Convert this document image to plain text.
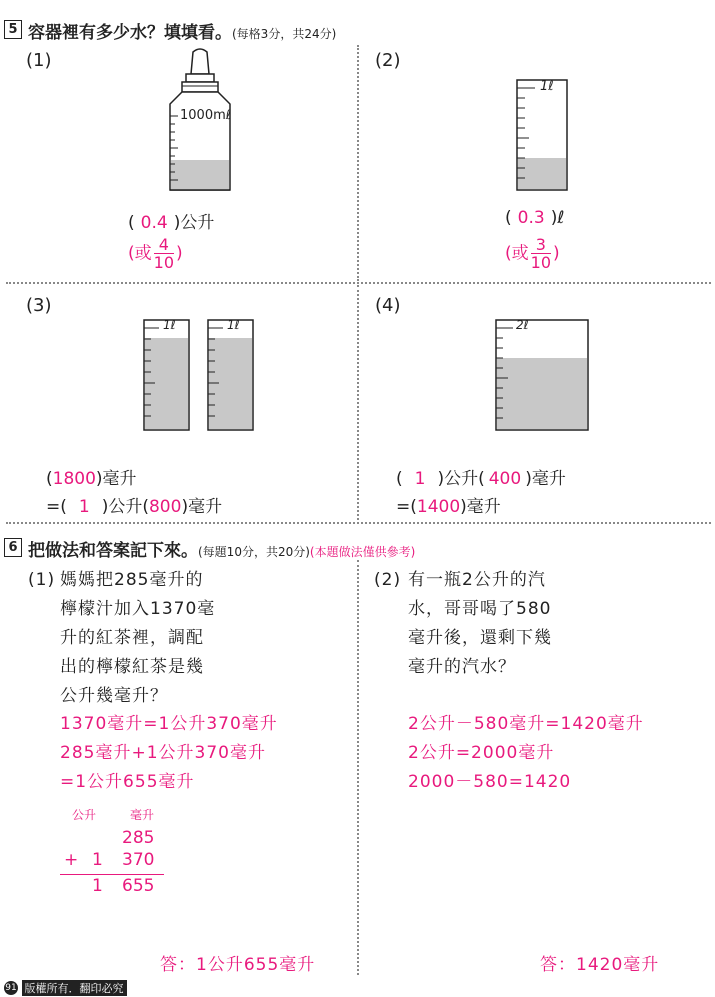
5 容器裡有多少水？填填看。(每格3分，共24分)
(1)
1000mℓ
( 0.4 )公升
(或 $\frac{4}{10}$ )
(2)
1ℓ
( 0.3 )ℓ
(或 $\frac{3}{10}$ )
(3)
1ℓ	1ℓ
(1800)毫升
=( 1 )公升(800)毫升
(4)
2ℓ
( 1 )公升( 400 )毫升
=(1400)毫升
6 把做法和答案記下來。(每題10分，共20分)(本題做法僅供參考)
(1) 媽媽把285毫升的
檸檬汁加入1370毫
升的紅茶裡，調配
出的檸檬紅茶是幾
公升幾毫升？
1370毫升=1公升370毫升
285毫升+1公升370毫升
=1公升655毫升
公升	毫升
285
+ 1 370
1 655
答：1公升655毫升
(2) 有一瓶2公升的汽
水，哥哥喝了580
毫升後，還剩下幾
毫升的汽水？
2公升－580毫升=1420毫升
2公升=2000毫升
2000－580=1420
答：1420毫升
91 版權所有．翻印必究
